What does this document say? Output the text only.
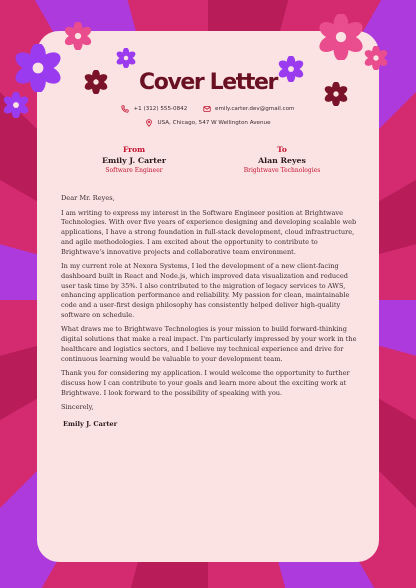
Cover Letter
+1 (312) 555-0842
	emily.carter.dev@gmail.com
USA, Chicago, 547 W Wellington Avenue
From
Emily J. Carter
Software Engineer
To
Alan Reyes
Brightwave Technologies

Dear Mr. Reyes,

I am writing to express my interest in the Software Engineer position at Brightwave Technologies. With over five years of experience designing and developing scalable web applications, I have a strong foundation in full-stack development, cloud infrastructure, and agile methodologies. I am excited about the opportunity to contribute to Brightwave's innovative projects and collaborative team environment.

In my current role at Nexora Systems, I led the development of a new client-facing dashboard built in React and Node.js, which improved data visualization and reduced user task time by 35%. I also contributed to the migration of legacy services to AWS, enhancing application performance and reliability. My passion for clean, maintainable code and a user-first design philosophy has consistently helped deliver high-quality software on schedule.

What draws me to Brightwave Technologies is your mission to build forward-thinking digital solutions that make a real impact. I'm particularly impressed by your work in the healthcare and logistics sectors, and I believe my technical experience and drive for continuous learning would be valuable to your development team.

Thank you for considering my application. I would welcome the opportunity to further discuss how I can contribute to your goals and learn more about the exciting work at Brightwave. I look forward to the possibility of speaking with you.

Sincerely,

Emily J. Carter
